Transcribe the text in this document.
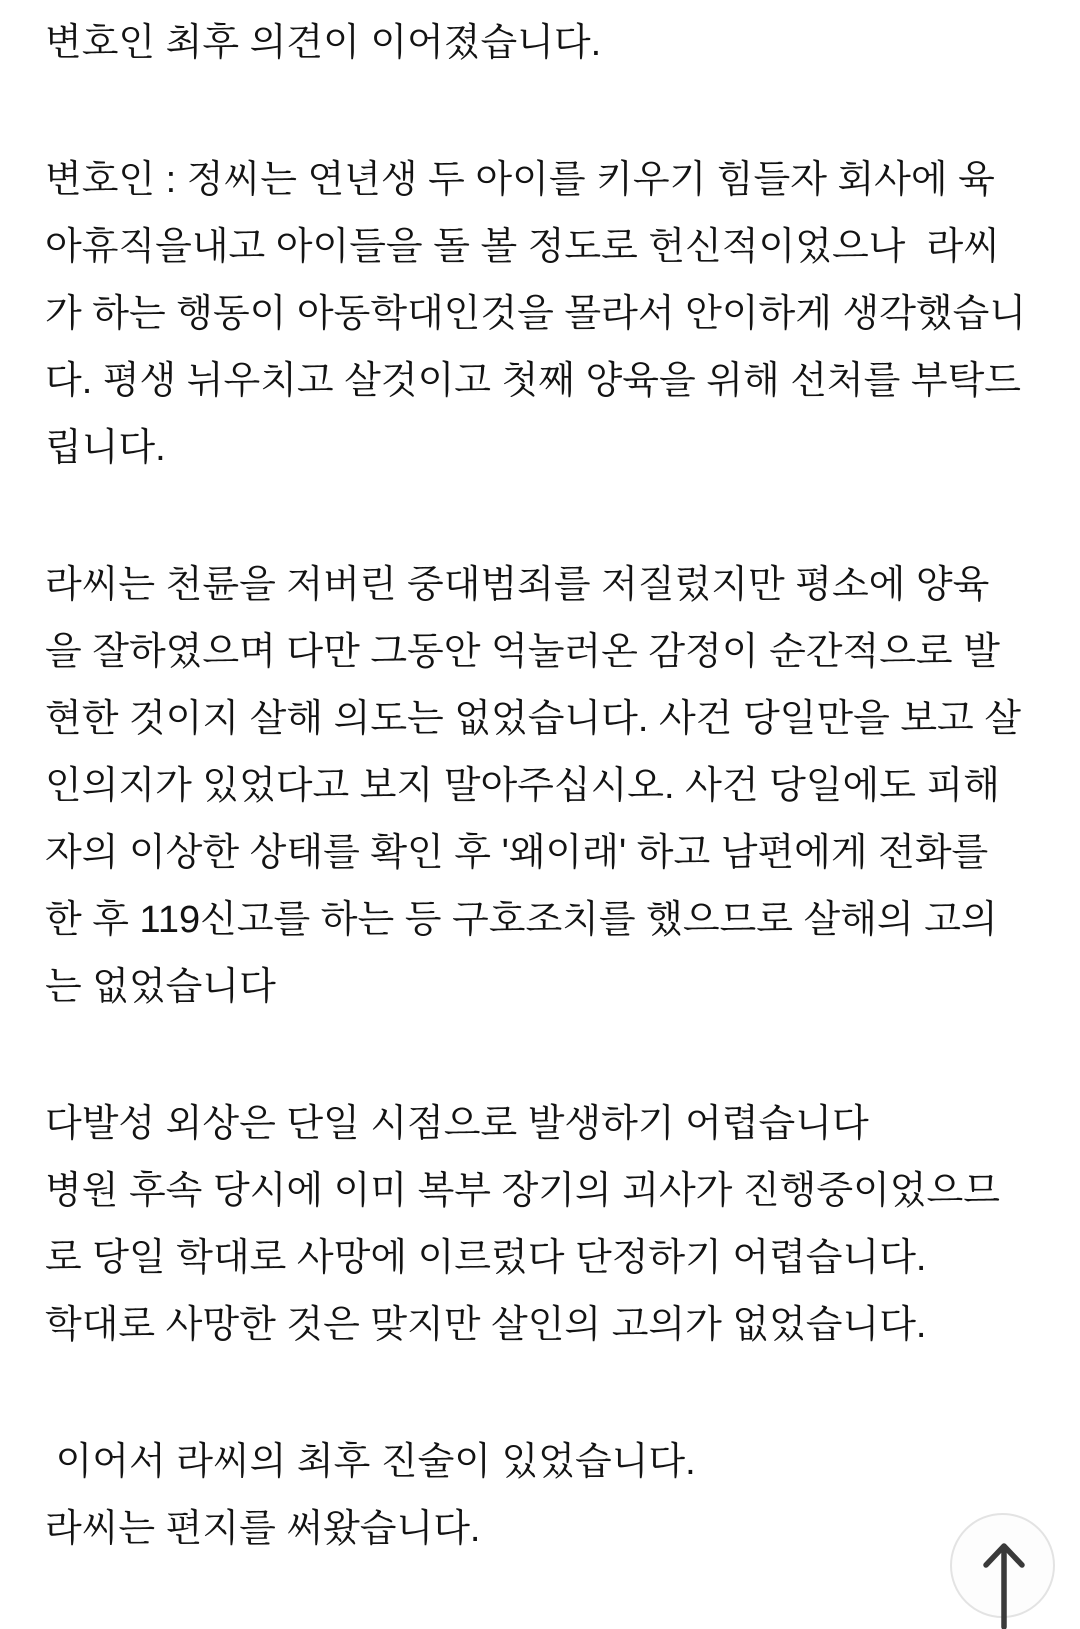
변호인 최후 의견이 이어졌습니다.

변호인 : 정씨는 연년생 두 아이를 키우기 힘들자 회사에 육
아휴직을내고 아이들을 돌 볼 정도로 헌신적이었으나  라씨
가 하는 행동이 아동학대인것을 몰라서 안이하게 생각했습니
다. 평생 뉘우치고 살것이고 첫째 양육을 위해 선처를 부탁드
립니다.

라씨는 천륜을 저버린 중대범죄를 저질렀지만 평소에 양육
을 잘하였으며 다만 그동안 억눌러온 감정이 순간적으로 발
현한 것이지 살해 의도는 없었습니다. 사건 당일만을 보고 살
인의지가 있었다고 보지 말아주십시오. 사건 당일에도 피해
자의 이상한 상태를 확인 후 '왜이래' 하고 남편에게 전화를
한 후 119신고를 하는 등 구호조치를 했으므로 살해의 고의
는 없었습니다

다발성 외상은 단일 시점으로 발생하기 어렵습니다
병원 후속 당시에 이미 복부 장기의 괴사가 진행중이었으므
로 당일 학대로 사망에 이르렀다 단정하기 어렵습니다.
학대로 사망한 것은 맞지만 살인의 고의가 없었습니다.

이어서 라씨의 최후 진술이 있었습니다.
라씨는 편지를 써왔습니다.
